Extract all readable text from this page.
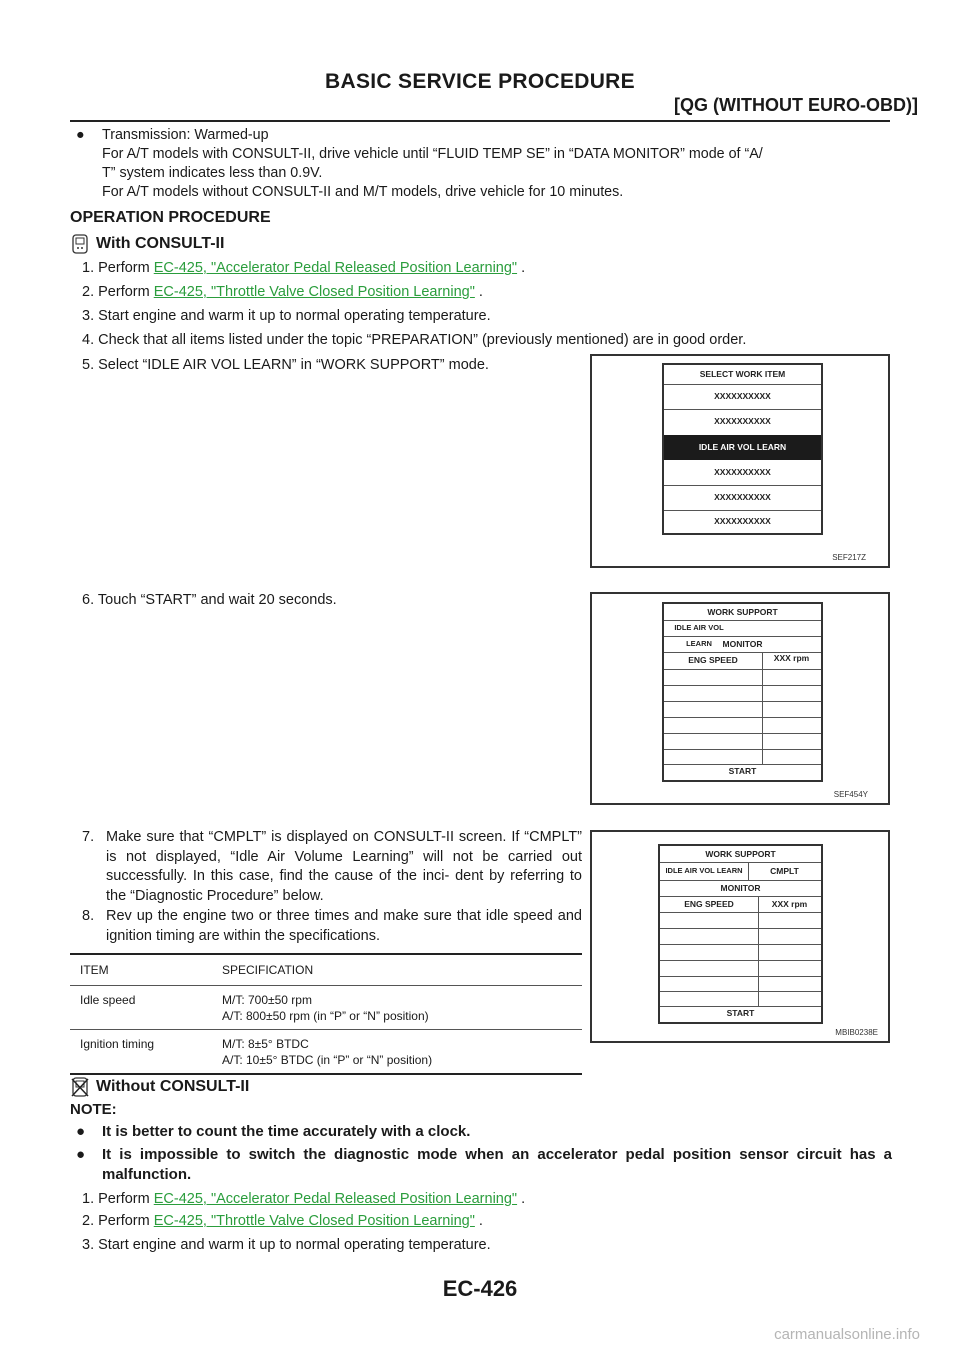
BASIC SERVICE PROCEDURE
[QG (WITHOUT EURO-OBD)]
● Transmission: Warmed-up

For A/T models with CONSULT-II, drive vehicle until “FLUID TEMP SE” in “DATA MONITOR” mode of “A/

T” system indicates less than 0.9V.

For A/T models without CONSULT-II and M/T models, drive vehicle for 10 minutes.

OPERATION PROCEDURE
With CONSULT-II
1. Perform EC-425, "Accelerator Pedal Released Position Learning" .
2. Perform EC-425, "Throttle Valve Closed Position Learning" .
3. Start engine and warm it up to normal operating temperature.
4. Check that all items listed under the topic “PREPARATION” (previously mentioned) are in good order.
5. Select “IDLE AIR VOL LEARN” in “WORK SUPPORT” mode.
SELECT WORK ITEM
XXXXXXXXXX
XXXXXXXXXX
IDLE AIR VOL LEARN
XXXXXXXXXX
XXXXXXXXXX
XXXXXXXXXX
SEF217Z
6. Touch “START” and wait 20 seconds.
WORK SUPPORT
IDLE AIR VOL LEARN	MONITOR
ENG SPEED	XXX rpm
START
SEF454Y
7. Make sure that “CMPLT” is displayed on CONSULT-II screen. If “CMPLT” is not displayed, “Idle Air Volume Learning” will not be carried out successfully. In this case, find the cause of the inci- dent by referring to the “Diagnostic Procedure” below.
8. Rev up the engine two or three times and make sure that idle speed and ignition timing are within the specifications.
ITEM	SPECIFICATION
Idle speed	M/T: 700±50 rpm
A/T: 800±50 rpm (in “P” or “N” position)

Ignition timing	M/T: 8±5° BTDC
A/T: 10±5° BTDC (in “P” or “N” position)
WORK SUPPORT
IDLE AIR VOL LEARN	CMPLT
MONITOR
ENG SPEED	XXX rpm
START
MBIB0238E
Without CONSULT-II
NOTE:
● It is better to count the time accurately with a clock.

● It is impossible to switch the diagnostic mode when an accelerator pedal position sensor circuit has a malfunction.

1. Perform EC-425, "Accelerator Pedal Released Position Learning" .
2. Perform EC-425, "Throttle Valve Closed Position Learning" .
3. Start engine and warm it up to normal operating temperature.
EC-426
carmanualsonline.info
